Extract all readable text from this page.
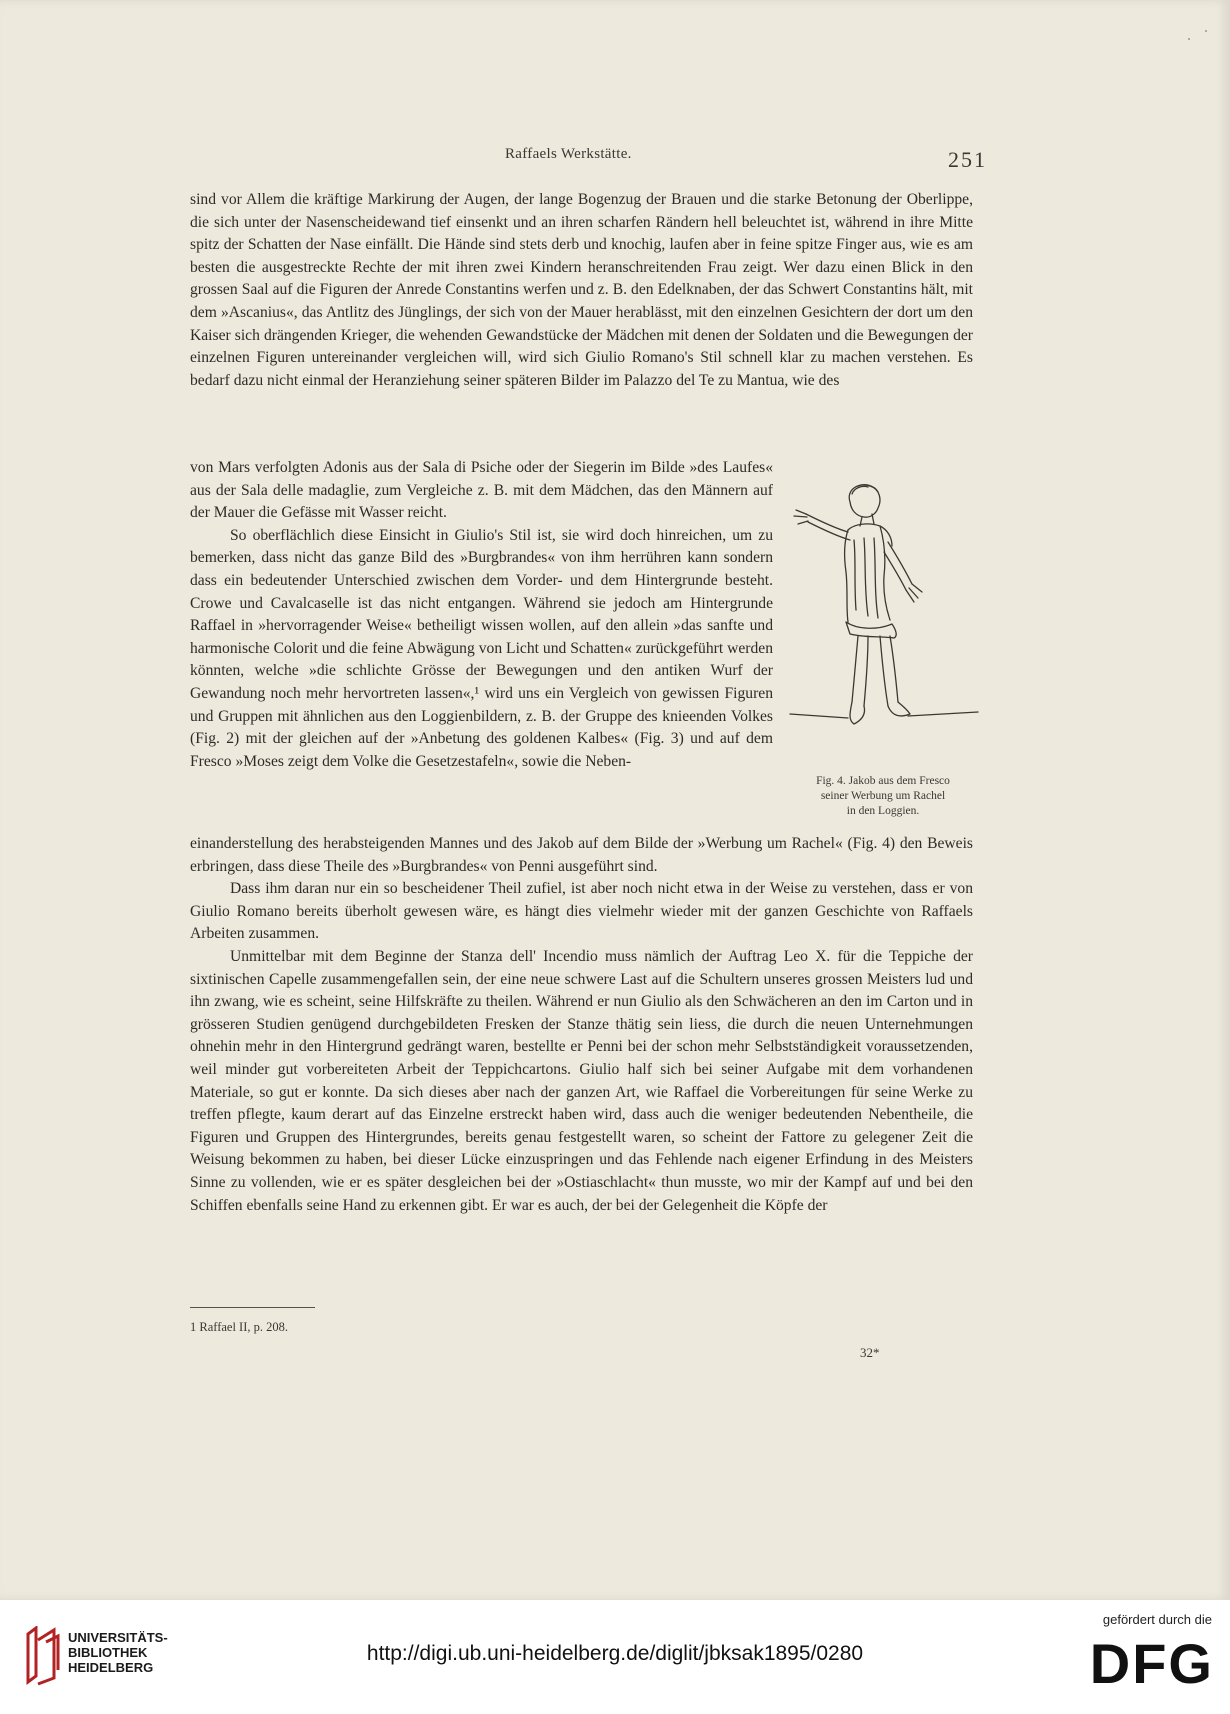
Raffaels Werkstätte.	251

sind vor Allem die kräftige Markirung der Augen, der lange Bogenzug der Brauen und die starke Betonung der Oberlippe, die sich unter der Nasenscheidewand tief einsenkt und an ihren scharfen Rändern hell beleuchtet ist, während in ihre Mitte spitz der Schatten der Nase einfällt. Die Hände sind stets derb und knochig, laufen aber in feine spitze Finger aus, wie es am besten die ausgestreckte Rechte der mit ihren zwei Kindern heranschreitenden Frau zeigt. Wer dazu einen Blick in den grossen Saal auf die Figuren der Anrede Constantins werfen und z. B. den Edelknaben, der das Schwert Constantins hält, mit dem »Ascanius«, das Antlitz des Jünglings, der sich von der Mauer herablässt, mit den einzelnen Gesichtern der dort um den Kaiser sich drängenden Krieger, die wehenden Gewandstücke der Mädchen mit denen der Soldaten und die Bewegungen der einzelnen Figuren untereinander vergleichen will, wird sich Giulio Romano's Stil schnell klar zu machen verstehen. Es bedarf dazu nicht einmal der Heranziehung seiner späteren Bilder im Palazzo del Te zu Mantua, wie des

von Mars verfolgten Adonis aus der Sala di Psiche oder der Siegerin im Bilde »des Laufes« aus der Sala delle madaglie, zum Vergleiche z. B. mit dem Mädchen, das den Männern auf der Mauer die Gefässe mit Wasser reicht.

So oberflächlich diese Einsicht in Giulio's Stil ist, sie wird doch hinreichen, um zu bemerken, dass nicht das ganze Bild des »Burgbrandes« von ihm herrühren kann sondern dass ein bedeutender Unterschied zwischen dem Vorder- und dem Hintergrunde besteht. Crowe und Cavalcaselle ist das nicht entgangen. Während sie jedoch am Hintergrunde Raffael in »hervorragender Weise« betheiligt wissen wollen, auf den allein »das sanfte und harmonische Colorit und die feine Abwägung von Licht und Schatten« zurückgeführt werden könnten, welche »die schlichte Grösse der Bewegungen und den antiken Wurf der Gewandung noch mehr hervortreten lassen«,¹ wird uns ein Vergleich von gewissen Figuren und Gruppen mit ähnlichen aus den Loggienbildern, z. B. der Gruppe des knieenden Volkes (Fig. 2) mit der gleichen auf der »Anbetung des goldenen Kalbes« (Fig. 3) und auf dem Fresco »Moses zeigt dem Volke die Gesetzestafeln«, sowie die Neben-

Fig. 4. Jakob aus dem Fresco
seiner Werbung um Rachel
in den Loggien.

einanderstellung des herabsteigenden Mannes und des Jakob auf dem Bilde der »Werbung um Rachel« (Fig. 4) den Beweis erbringen, dass diese Theile des »Burgbrandes« von Penni ausgeführt sind.

Dass ihm daran nur ein so bescheidener Theil zufiel, ist aber noch nicht etwa in der Weise zu verstehen, dass er von Giulio Romano bereits überholt gewesen wäre, es hängt dies vielmehr wieder mit der ganzen Geschichte von Raffaels Arbeiten zusammen.

Unmittelbar mit dem Beginne der Stanza dell' Incendio muss nämlich der Auftrag Leo X. für die Teppiche der sixtinischen Capelle zusammengefallen sein, der eine neue schwere Last auf die Schultern unseres grossen Meisters lud und ihn zwang, wie es scheint, seine Hilfskräfte zu theilen. Während er nun Giulio als den Schwächeren an den im Carton und in grösseren Studien genügend durchgebildeten Fresken der Stanze thätig sein liess, die durch die neuen Unternehmungen ohnehin mehr in den Hintergrund gedrängt waren, bestellte er Penni bei der schon mehr Selbstständigkeit voraussetzenden, weil minder gut vorbereiteten Arbeit der Teppichcartons. Giulio half sich bei seiner Aufgabe mit dem vorhandenen Materiale, so gut er konnte. Da sich dieses aber nach der ganzen Art, wie Raffael die Vorbereitungen für seine Werke zu treffen pflegte, kaum derart auf das Einzelne erstreckt haben wird, dass auch die weniger bedeutenden Nebentheile, die Figuren und Gruppen des Hintergrundes, bereits genau festgestellt waren, so scheint der Fattore zu gelegener Zeit die Weisung bekommen zu haben, bei dieser Lücke einzuspringen und das Fehlende nach eigener Erfindung in des Meisters Sinne zu vollenden, wie er es später desgleichen bei der »Ostiaschlacht« thun musste, wo mir der Kampf auf und bei den Schiffen ebenfalls seine Hand zu erkennen gibt. Er war es auch, der bei der Gelegenheit die Köpfe der

1 Raffael II, p. 208.
32*
UNIVERSITÄTS-
BIBLIOTHEK
HEIDELBERG
http://digi.ub.uni-heidelberg.de/diglit/jbksak1895/0280
gefördert durch die
DFG
